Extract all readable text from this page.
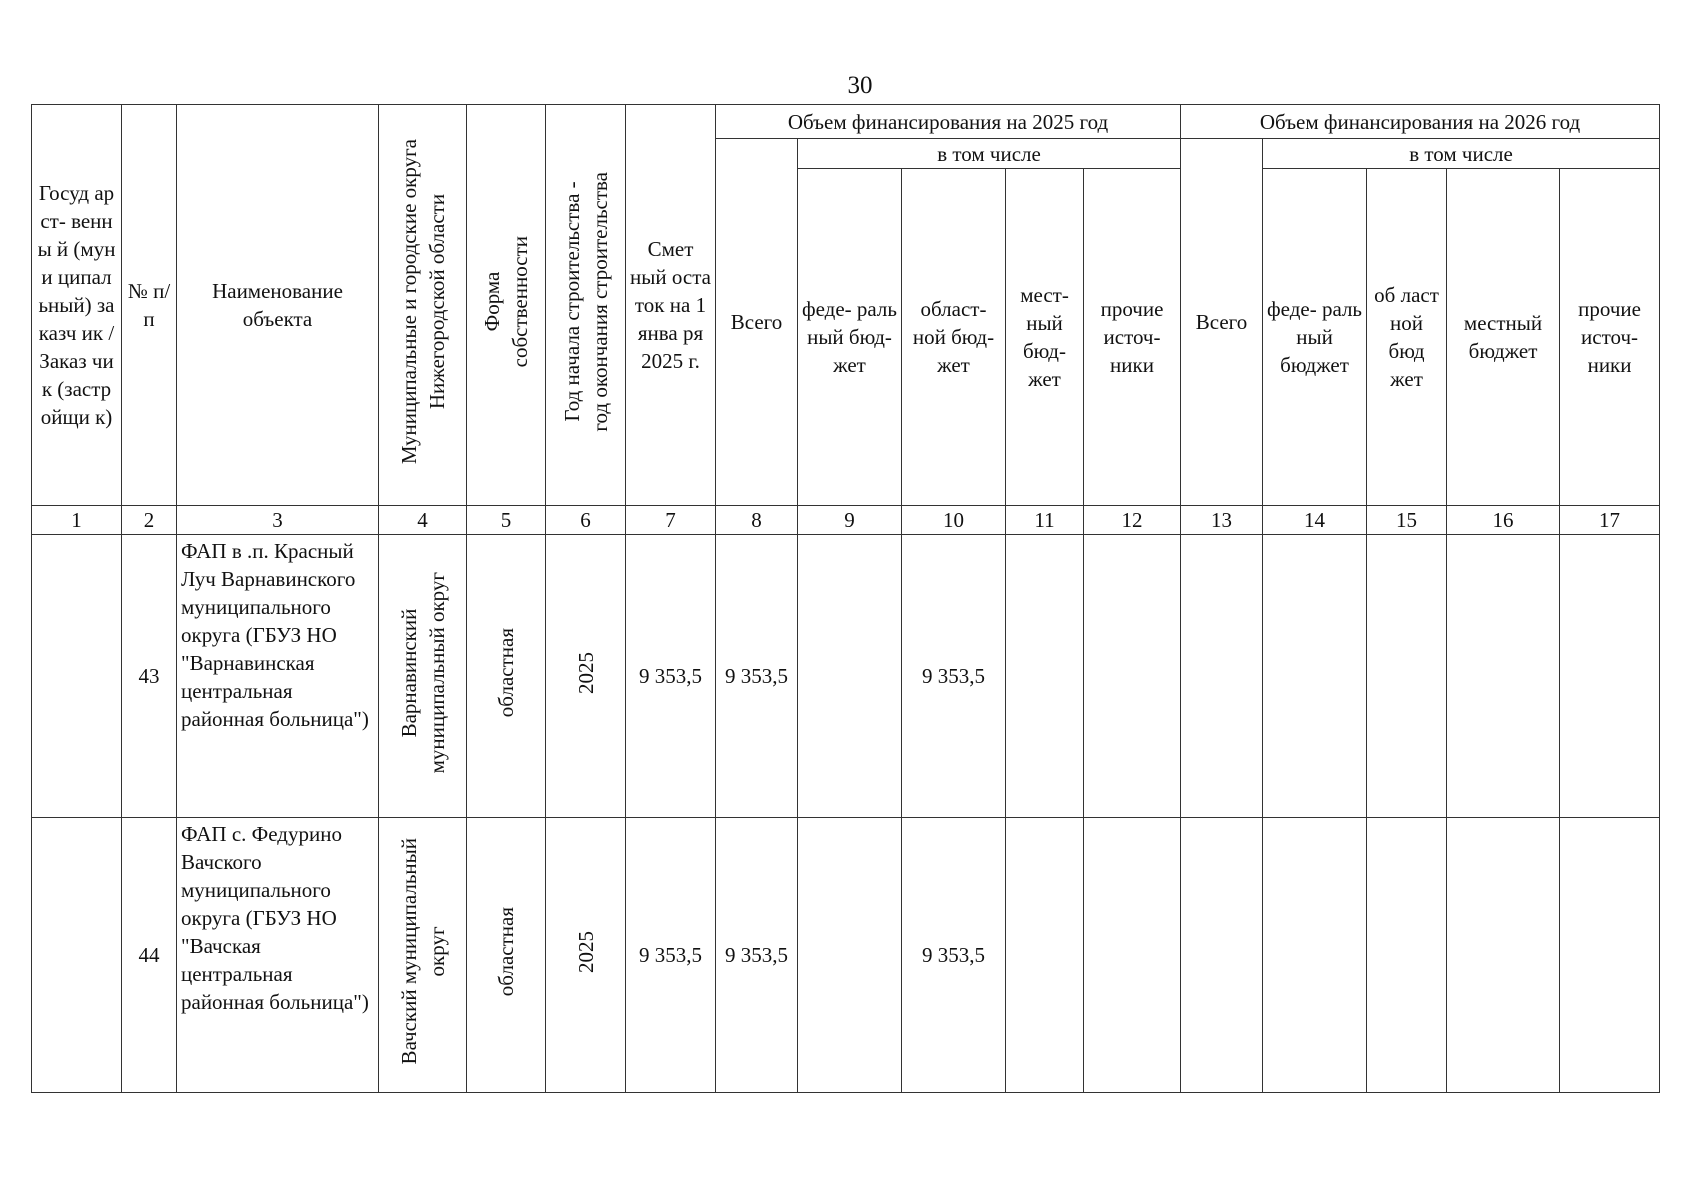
30
Госуд арст- венны й (муни ципал ьный) заказч ик / Заказ чик (застр ойщи к)	№ п/п	Наименование объекта	Муниципальные и городские округа Нижегородской области	Форма собственности	Год начала строительства - год окончания строительства	Смет ный оста ток на 1 янва ря 2025 г.	Объем финансирования на 2025 год					Объем финансирования на 2026 год				
							Всего	в том числе				Всего	в том числе			
								феде- раль ный бюд- жет	област- ной бюд- жет	мест- ный бюд- жет	прочие источ- ники		феде- раль ный бюджет	об ласт ной бюд жет	местный бюджет	прочие источ- ники
1	2	3	4	5	6	7	8	9	10	11	12	13	14	15	16	17
	43	ФАП в .п. Красный Луч Варнавинского муниципального округа (ГБУЗ НО "Варнавинская центральная районная больница")	Варнавинский муниципальный округ	областная	2025	9 353,5	9 353,5		9 353,5							
	44	ФАП с. Федурино Вачского муниципального округа (ГБУЗ НО "Вачская центральная районная больница")	Вачский муниципальный округ	областная	2025	9 353,5	9 353,5		9 353,5							
